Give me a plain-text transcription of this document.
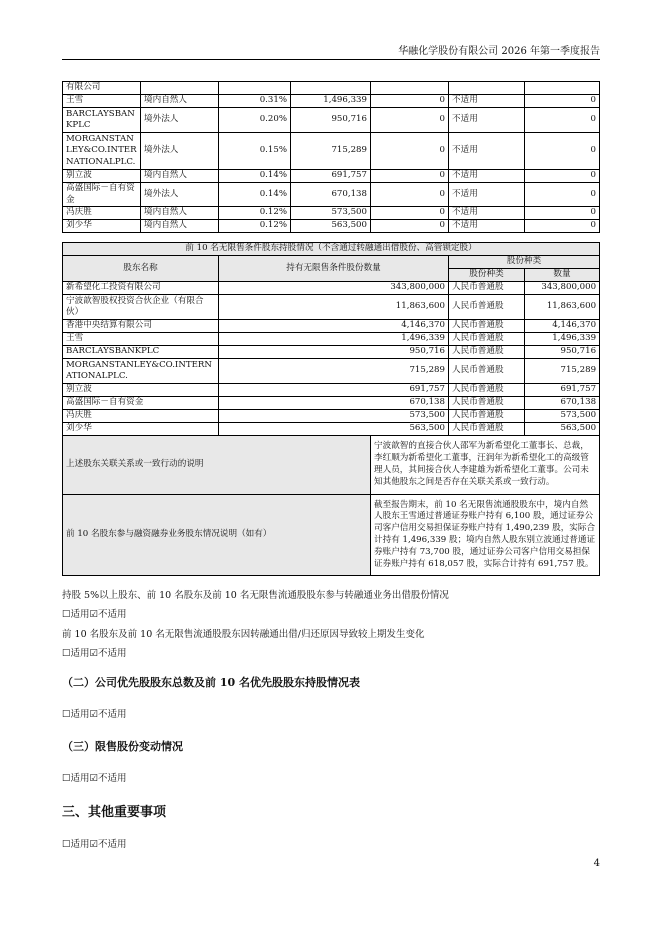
华融化学股份有限公司 2026 年第一季度报告
有限公司						
王雪	境内自然人	0.31%	1,496,339	0	不适用	0
BARCLAYSBANKPLC	境外法人	0.20%	950,716	0	不适用	0
MORGANSTANLEY&CO.INTERNATIONALPLC.	境外法人	0.15%	715,289	0	不适用	0
别立波	境内自然人	0.14%	691,757	0	不适用	0
高盛国际－自有资金	境外法人	0.14%	670,138	0	不适用	0
冯庆胜	境内自然人	0.12%	573,500	0	不适用	0
刘少华	境内自然人	0.12%	563,500	0	不适用	0
前 10 名无限售条件股东持股情况（不含通过转融通出借股份、高管锁定股）				
股东名称	持有无限售条件股份数量		股份种类	
			股份种类	数量
新希望化工投资有限公司	343,800,000		人民币普通股	343,800,000
宁波歆智股权投资合伙企业（有限合伙）	11,863,600		人民币普通股	11,863,600
香港中央结算有限公司	4,146,370		人民币普通股	4,146,370
王雪	1,496,339		人民币普通股	1,496,339
BARCLAYSBANKPLC	950,716		人民币普通股	950,716
MORGANSTANLEY&CO.INTERNATIONALPLC.	715,289		人民币普通股	715,289
别立波	691,757		人民币普通股	691,757
高盛国际－自有资金	670,138		人民币普通股	670,138
冯庆胜	573,500		人民币普通股	573,500
刘少华	563,500		人民币普通股	563,500
上述股东关联关系或一致行动的说明		宁波歆智的直接合伙人邵军为新希望化工董事长、总裁，李红顺为新希望化工董事，汪润年为新希望化工的高级管理人员，其间接合伙人李建雄为新希望化工董事。公司未知其他股东之间是否存在关联关系或一致行动。		
前 10 名股东参与融资融券业务股东情况说明（如有）		截至报告期末，前 10 名无限售流通股股东中，境内自然人股东王雪通过普通证券账户持有 6,100 股，通过证券公司客户信用交易担保证券账户持有 1,490,239 股，实际合计持有 1,496,339 股；境内自然人股东别立波通过普通证券账户持有 73,700 股，通过证券公司客户信用交易担保证券账户持有 618,057 股，实际合计持有 691,757 股。		
持股 5%以上股东、前 10 名股东及前 10 名无限售流通股股东参与转融通业务出借股份情况
☐适用☑不适用
前 10 名股东及前 10 名无限售流通股股东因转融通出借/归还原因导致较上期发生变化
☐适用☑不适用
（二）公司优先股股东总数及前 10 名优先股股东持股情况表
☐适用☑不适用
（三）限售股份变动情况
☐适用☑不适用
三、其他重要事项
☐适用☑不适用
4
